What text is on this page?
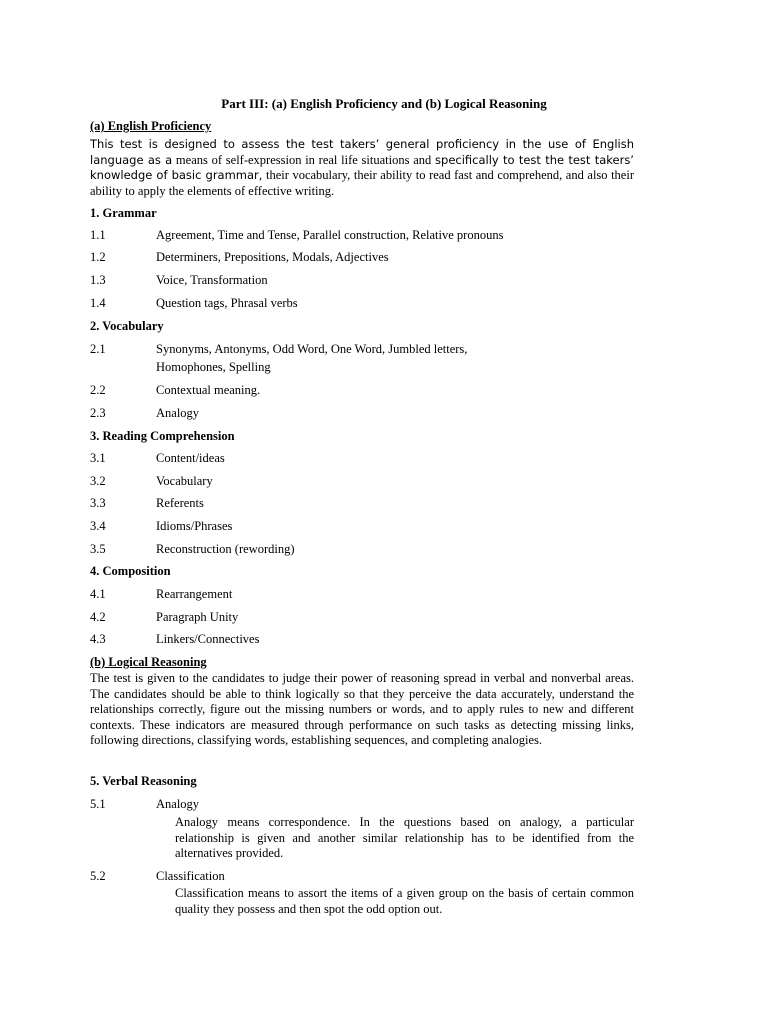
Part III: (a) English Proficiency and (b) Logical Reasoning
(a) English Proficiency
This test is designed to assess the test takers’ general proficiency in the use of English language as a means of self-expression in real life situations and specifically to test the test takers’ knowledge of basic grammar, their vocabulary, their ability to read fast and comprehend, and also their ability to apply the elements of effective writing.
1. Grammar
1.1	Agreement, Time and Tense, Parallel construction, Relative pronouns
1.2	Determiners, Prepositions, Modals, Adjectives
1.3	Voice, Transformation
1.4	Question tags, Phrasal verbs
2. Vocabulary
2.1	Synonyms, Antonyms, Odd Word, One Word, Jumbled letters,
Homophones, Spelling
2.2	Contextual meaning.
2.3	Analogy
3. Reading Comprehension
3.1	Content/ideas
3.2	Vocabulary
3.3	Referents
3.4	Idioms/Phrases
3.5	Reconstruction (rewording)
4. Composition
4.1	Rearrangement
4.2	Paragraph Unity
4.3	Linkers/Connectives
(b) Logical Reasoning
The test is given to the candidates to judge their power of reasoning spread in verbal and nonverbal areas. The candidates should be able to think logically so that they perceive the data accurately, understand the relationships correctly, figure out the missing numbers or words, and to apply rules to new and different contexts. These indicators are measured through performance on such tasks as detecting missing links, following directions, classifying words, establishing sequences, and completing analogies.
5. Verbal Reasoning
5.1	Analogy
Analogy means correspondence. In the questions based on analogy, a particular relationship is given and another similar relationship has to be identified from the alternatives provided.
5.2	Classification
Classification means to assort the items of a given group on the basis of certain common quality they possess and then spot the odd option out.
